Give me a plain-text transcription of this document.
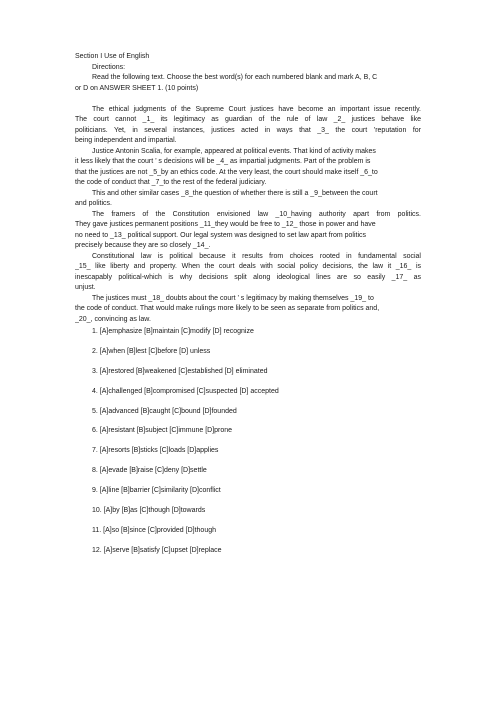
Section I Use of English
Directions:
Read the following text. Choose the best word(s) for each numbered blank and mark A, B, C
or D on ANSWER SHEET 1. (10 points)
The ethical judgments of the Supreme Court justices have become an important issue recently.
The court cannot _1_ its legitimacy as guardian of the rule of law _2_ justices behave like
politicians. Yet, in several instances, justices acted in ways that _3_ the court ’reputation for
being independent and impartial.
Justice Antonin Scalia, for example, appeared at political events. That kind of activity makes
it less likely that the court ’ s decisions will be _4_ as impartial judgments. Part of the problem is
that the justices are not _5_by an ethics code. At the very least, the court should make itself _6_to
the code of conduct that _7_to the rest of the federal judiciary.
This and other similar cases _8_the question of whether there is still a _9_between the court
and politics.
The framers of the Constitution envisioned law _10_having authority apart from politics.
They gave justices permanent positions _11_they would be free to _12_ those in power and have
no need to _13_ political support. Our legal system was designed to set law apart from politics
precisely because they are so closely _14_.
Constitutional law is political because it results from choices rooted in fundamental social
_15_ like liberty and property. When the court deals with social policy decisions, the law it _16_ is
inescapably political-which is why decisions split along ideological lines are so easily _17_ as
unjust.
The justices must _18_ doubts about the court ’ s legitimacy by making themselves _19_ to
the code of conduct. That would make rulings more likely to be seen as separate from politics and,
_20_, convincing as law.
1. [A]emphasize [B]maintain [C]modify [D] recognize
2. [A]when [B]lest [C]before [D] unless
3. [A]restored [B]weakened [C]established [D] eliminated
4. [A]challenged [B]compromised [C]suspected [D] accepted
5. [A]advanced [B]caught [C]bound [D]founded
6. [A]resistant [B]subject [C]immune [D]prone
7. [A]resorts [B]sticks [C]loads [D]applies
8. [A]evade [B]raise [C]deny [D]settle
9. [A]line [B]barrier [C]similarity [D]conflict
10. [A]by [B]as [C]though [D]towards
11. [A]so [B]since [C]provided [D]though
12. [A]serve [B]satisfy [C]upset [D]replace
